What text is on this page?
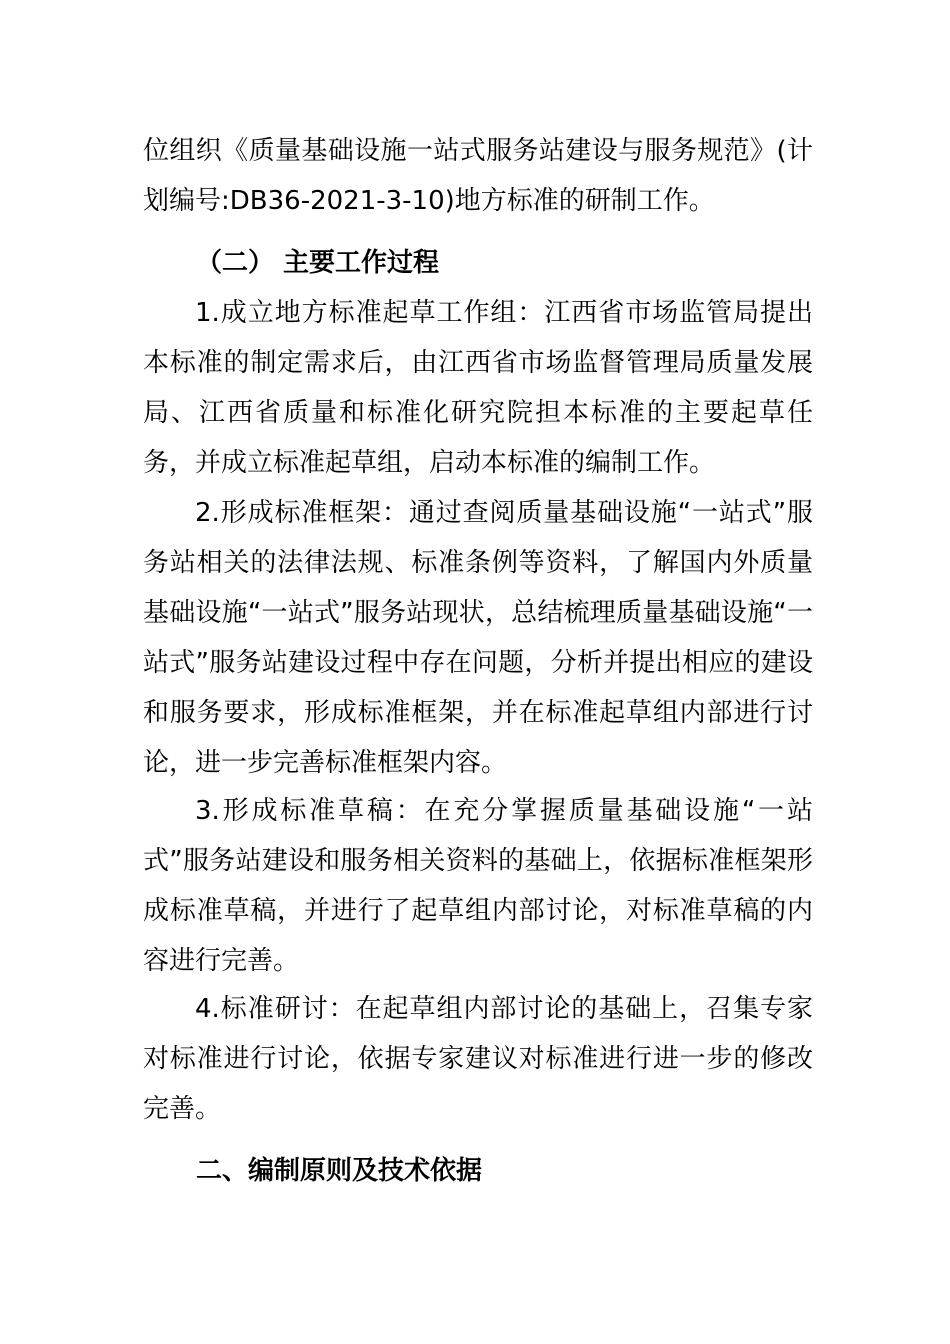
位组织《质量基础设施一站式服务站建设与服务规范》(计划编号:DB36-2021-3-10)地方标准的研制工作。

（二） 主要工作过程

1.成立地方标准起草工作组：江西省市场监管局提出本标准的制定需求后，由江西省市场监督管理局质量发展局、江西省质量和标准化研究院担本标准的主要起草任务，并成立标准起草组，启动本标准的编制工作。

2.形成标准框架：通过查阅质量基础设施“一站式”服务站相关的法律法规、标准条例等资料，了解国内外质量基础设施“一站式”服务站现状，总结梳理质量基础设施“一站式”服务站建设过程中存在问题，分析并提出相应的建设和服务要求，形成标准框架，并在标准起草组内部进行讨论，进一步完善标准框架内容。

3.形成标准草稿：在充分掌握质量基础设施“一站式”服务站建设和服务相关资料的基础上，依据标准框架形成标准草稿，并进行了起草组内部讨论，对标准草稿的内容进行完善。

4.标准研讨：在起草组内部讨论的基础上，召集专家对标准进行讨论，依据专家建议对标准进行进一步的修改完善。

二、编制原则及技术依据
